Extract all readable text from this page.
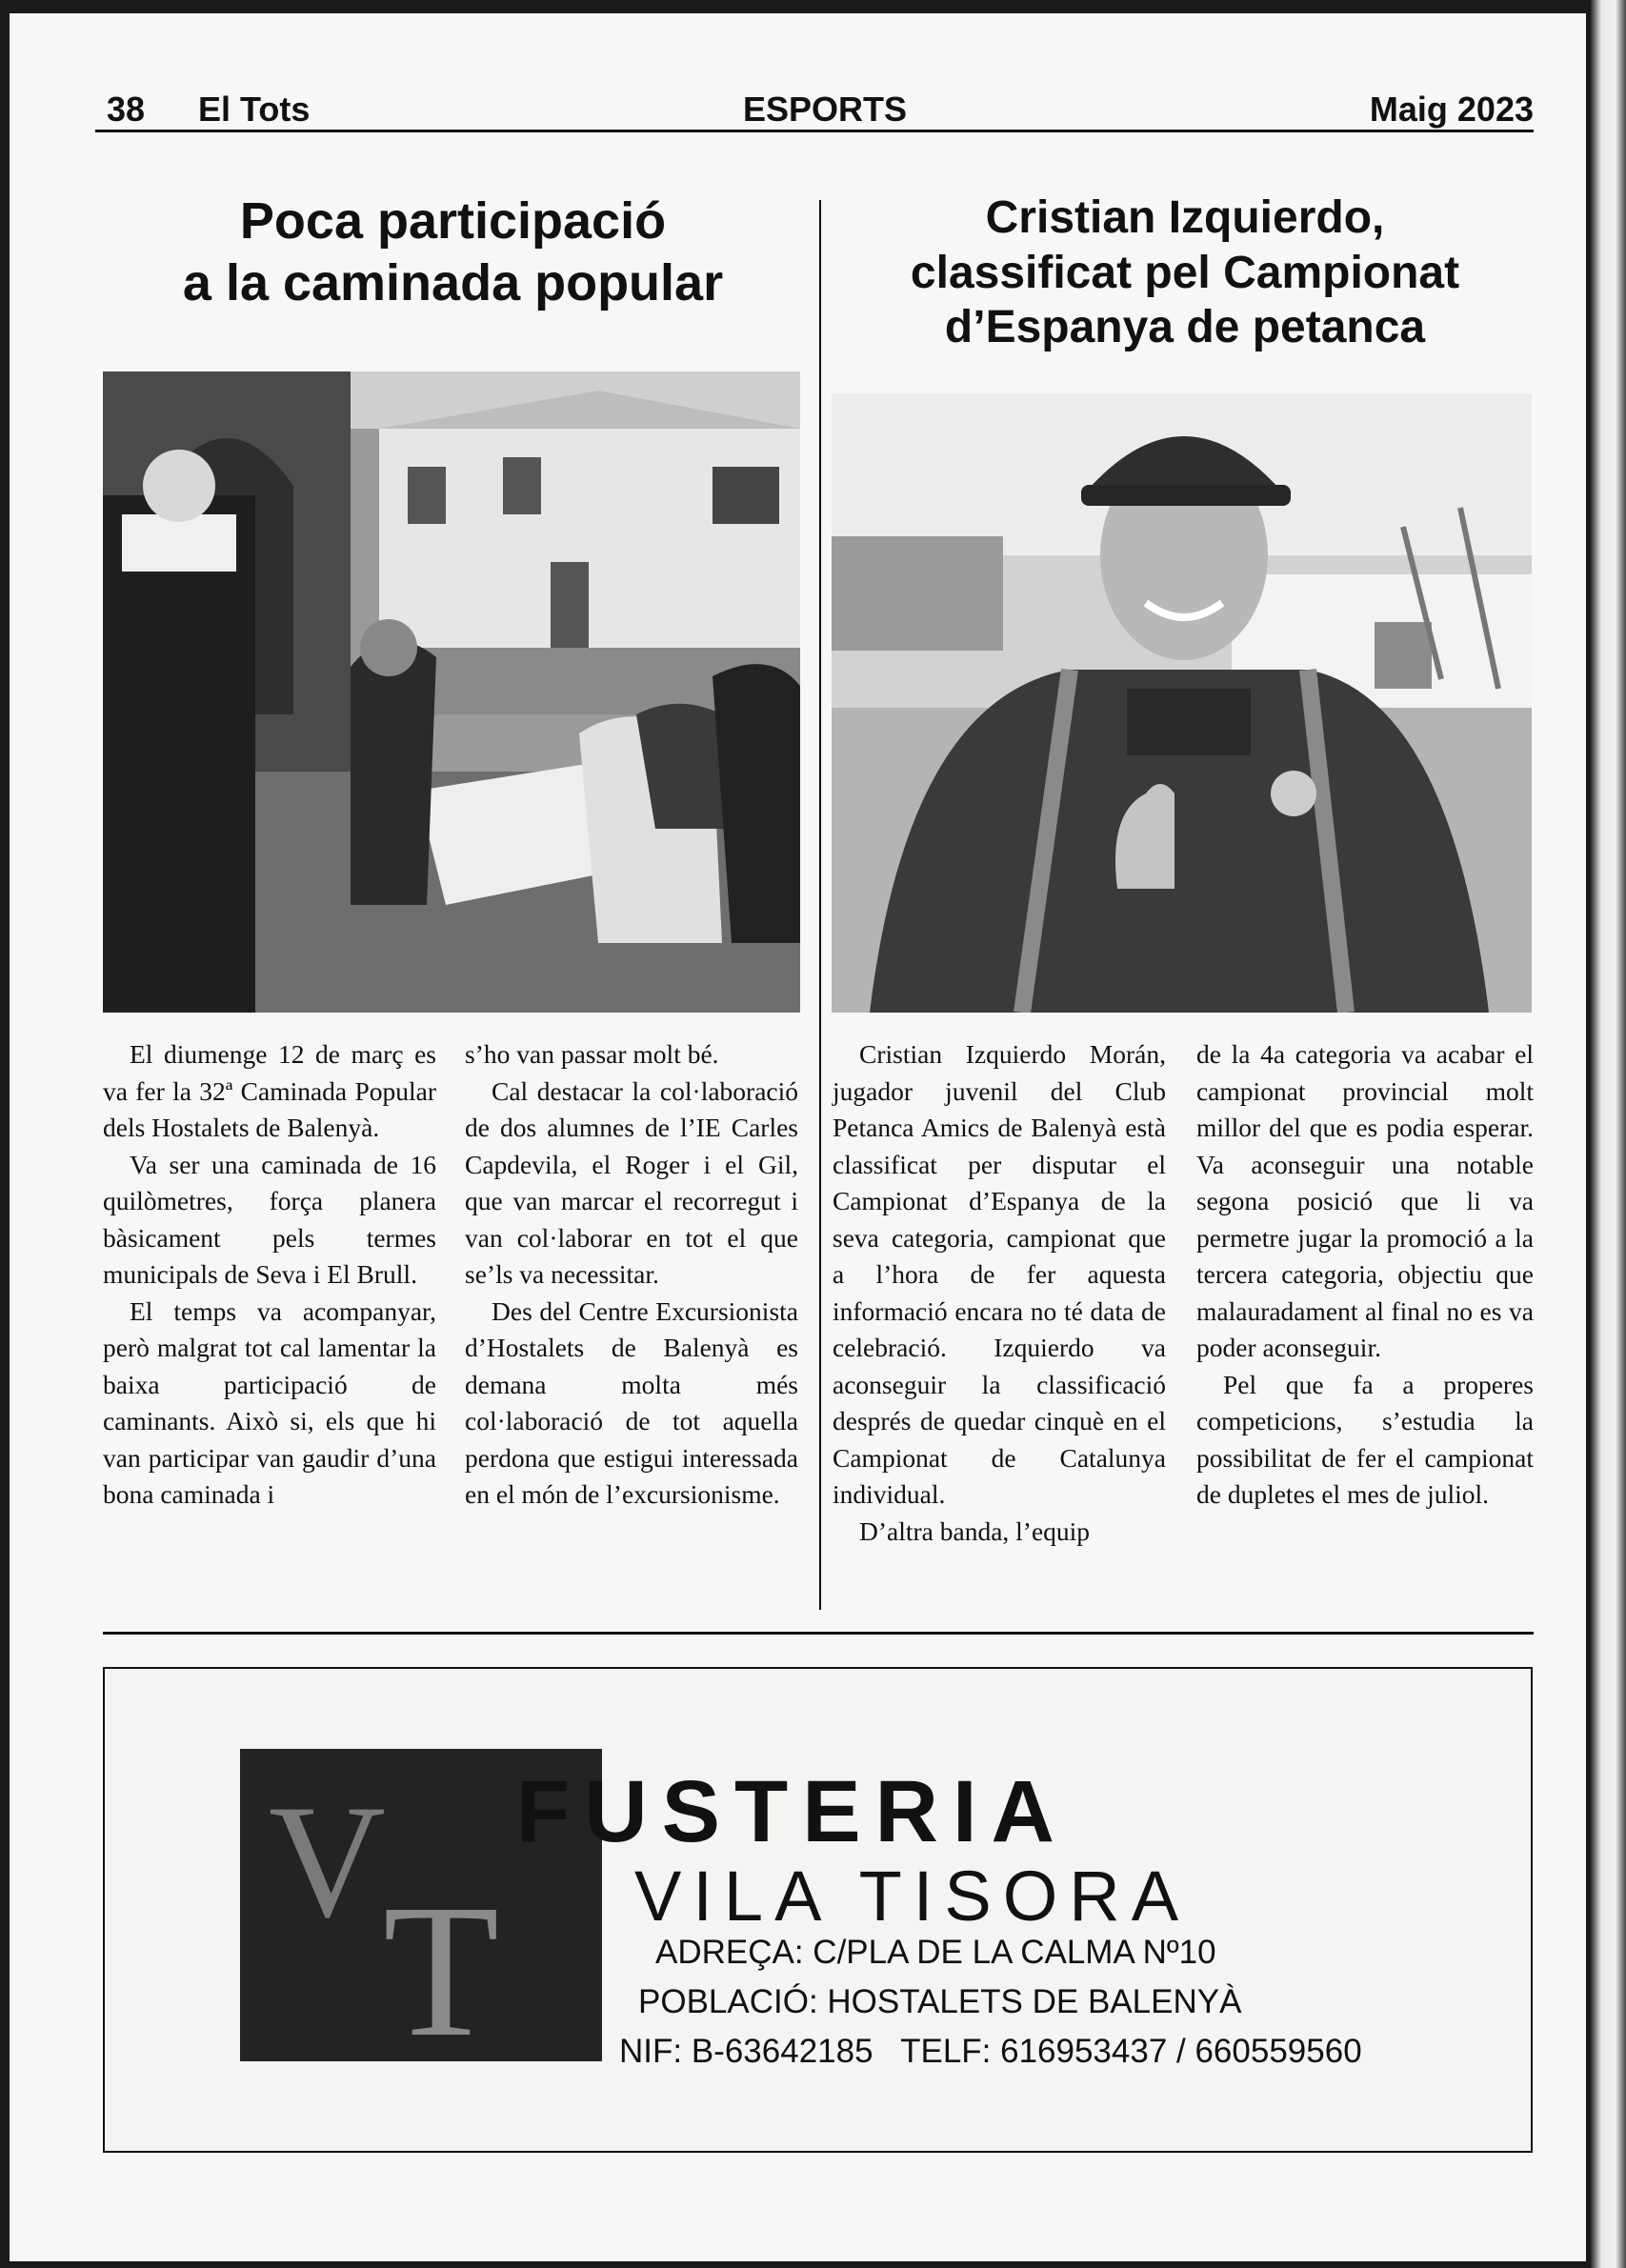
38 El Tots	ESPORTS	Maig 2023
Poca participació
a la caminada popular

El diumenge 12 de març es va fer la 32ª Caminada Popular dels Hostalets de Balenyà.

Va ser una caminada de 16 quilòmetres, força planera bàsicament pels termes municipals de Seva i El Brull.

El temps va acompanyar, però malgrat tot cal lamentar la baixa participació de caminants. Això si, els que hi van participar van gaudir d’una bona caminada i

s’ho van passar molt bé.

Cal destacar la col·laboració de dos alumnes de l’IE Carles Capdevila, el Roger i el Gil, que van marcar el recorregut i van col·laborar en tot el que se’ls va necessitar.

Des del Centre Excursionista d’Hostalets de Balenyà es demana molta més col·laboració de tot aquella perdona que estigui interessada en el món de l’excursionisme.

Cristian Izquierdo,
classificat pel Campionat
d’Espanya de petanca

Cristian Izquierdo Morán, jugador juvenil del Club Petanca Amics de Balenyà està classificat per disputar el Campionat d’Espanya de la seva categoria, campionat que a l’hora de fer aquesta informació encara no té data de celebració. Izquierdo va aconseguir la classificació després de quedar cinquè en el Campionat de Catalunya individual.

D’altra banda, l’equip

de la 4a categoria va acabar el campionat provincial molt millor del que es podia esperar. Va aconseguir una notable segona posició que li va permetre jugar la promoció a la tercera categoria, objectiu que malauradament al final no es va poder aconseguir.

Pel que fa a properes competicions, s’estudia la possibilitat de fer el campionat de dupletes el mes de juliol.

V
T
FUSTERIA
VILA TISORA
ADREÇA: C/PLA DE LA CALMA Nº10
POBLACIÓ: HOSTALETS DE BALENYÀ
NIF: B-63642185   TELF: 616953437 / 660559560
